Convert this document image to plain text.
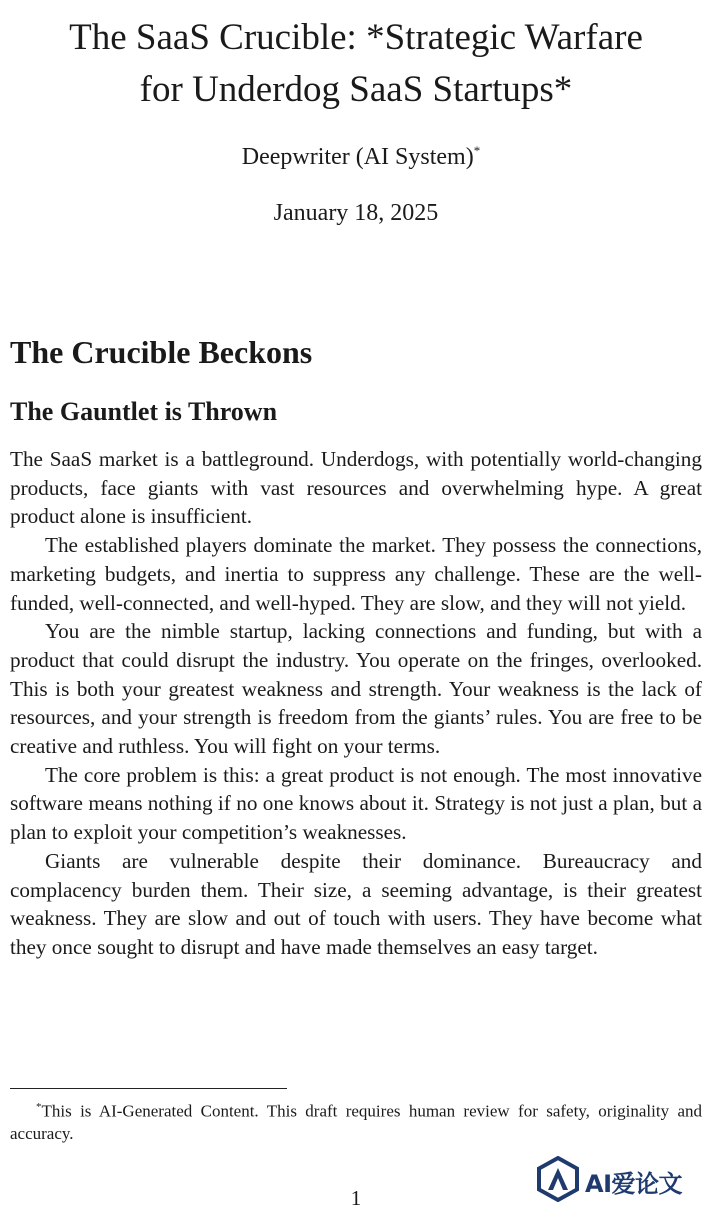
The SaaS Crucible: *Strategic Warfare
for Underdog SaaS Startups*
Deepwriter (AI System)*
January 18, 2025
The Crucible Beckons
The Gauntlet is Thrown

The SaaS market is a battleground. Underdogs, with potentially world-changing products, face giants with vast resources and overwhelming hype. A great product alone is insufficient.

The established players dominate the market. They possess the connections, marketing budgets, and inertia to suppress any challenge. These are the well-funded, well-connected, and well-hyped. They are slow, and they will not yield.

You are the nimble startup, lacking connections and funding, but with a product that could disrupt the industry. You operate on the fringes, overlooked. This is both your greatest weakness and strength. Your weakness is the lack of resources, and your strength is freedom from the giants’ rules. You are free to be creative and ruthless. You will fight on your terms.

The core problem is this: a great product is not enough. The most innovative software means nothing if no one knows about it. Strategy is not just a plan, but a plan to exploit your competition’s weaknesses.

Giants are vulnerable despite their dominance. Bureaucracy and complacency burden them. Their size, a seeming advantage, is their greatest weakness. They are slow and out of touch with users. They have become what they once sought to disrupt and have made themselves an easy target.

*This is AI-Generated Content. This draft requires human review for safety, originality and accuracy.
1
AI爱论文
